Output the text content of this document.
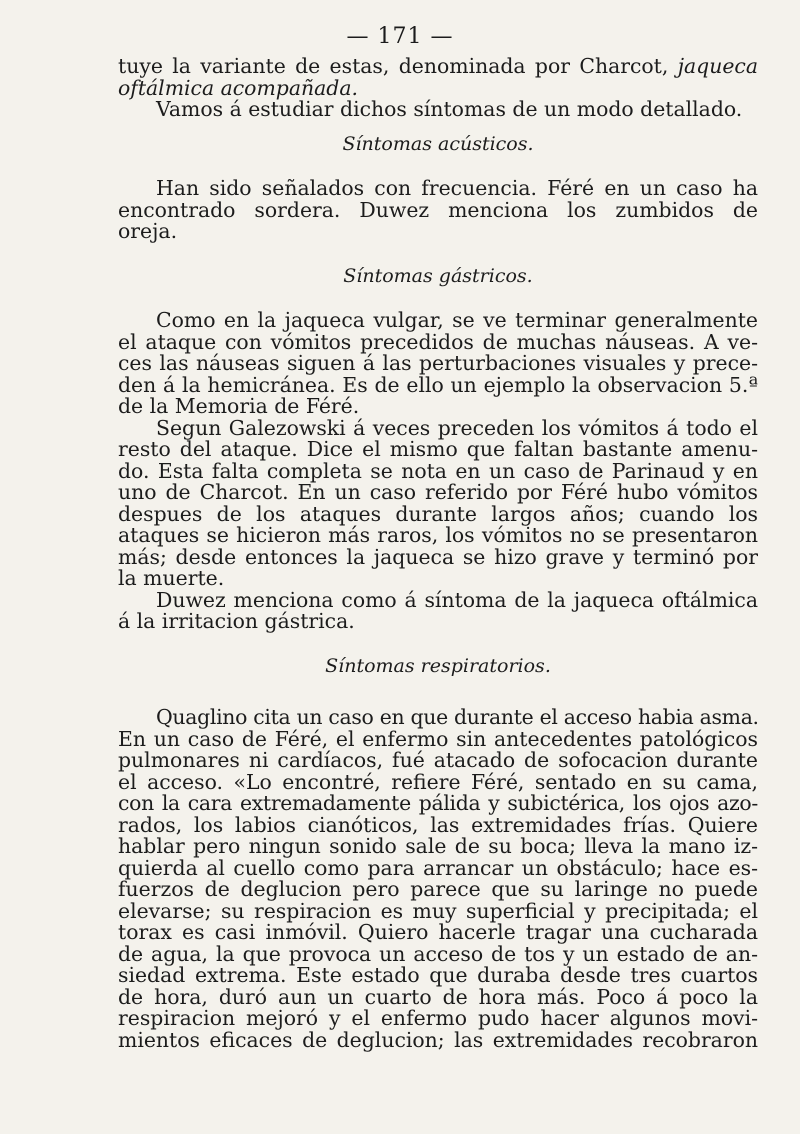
— 171 —
tuye la variante de estas, denominada por Charcot, jaqueca
oftálmica acompañada.
Vamos á estudiar dichos síntomas de un modo detallado.
Síntomas acústicos.
Han sido señalados con frecuencia. Féré en un caso ha
encontrado sordera. Duwez menciona los zumbidos de
oreja.
Síntomas gástricos.
Como en la jaqueca vulgar, se ve terminar generalmente
el ataque con vómitos precedidos de muchas náuseas. A ve-
ces las náuseas siguen á las perturbaciones visuales y prece-
den á la hemicránea. Es de ello un ejemplo la observacion 5.ª
de la Memoria de Féré.
Segun Galezowski á veces preceden los vómitos á todo el
resto del ataque. Dice el mismo que faltan bastante amenu-
do. Esta falta completa se nota en un caso de Parinaud y en
uno de Charcot. En un caso referido por Féré hubo vómitos
despues de los ataques durante largos años; cuando los
ataques se hicieron más raros, los vómitos no se presentaron
más; desde entonces la jaqueca se hizo grave y terminó por
la muerte.
Duwez menciona como á síntoma de la jaqueca oftálmica
á la irritacion gástrica.
Síntomas respiratorios.
Quaglino cita un caso en que durante el acceso habia asma.
En un caso de Féré, el enfermo sin antecedentes patológicos
pulmonares ni cardíacos, fué atacado de sofocacion durante
el acceso. «Lo encontré, refiere Féré, sentado en su cama,
con la cara extremadamente pálida y subictérica, los ojos azo-
rados, los labios cianóticos, las extremidades frías. Quiere
hablar pero ningun sonido sale de su boca; lleva la mano iz-
quierda al cuello como para arrancar un obstáculo; hace es-
fuerzos de deglucion pero parece que su laringe no puede
elevarse; su respiracion es muy superficial y precipitada; el
torax es casi inmóvil. Quiero hacerle tragar una cucharada
de agua, la que provoca un acceso de tos y un estado de an-
siedad extrema. Este estado que duraba desde tres cuartos
de hora, duró aun un cuarto de hora más. Poco á poco la
respiracion mejoró y el enfermo pudo hacer algunos movi-
mientos eficaces de deglucion; las extremidades recobraron
